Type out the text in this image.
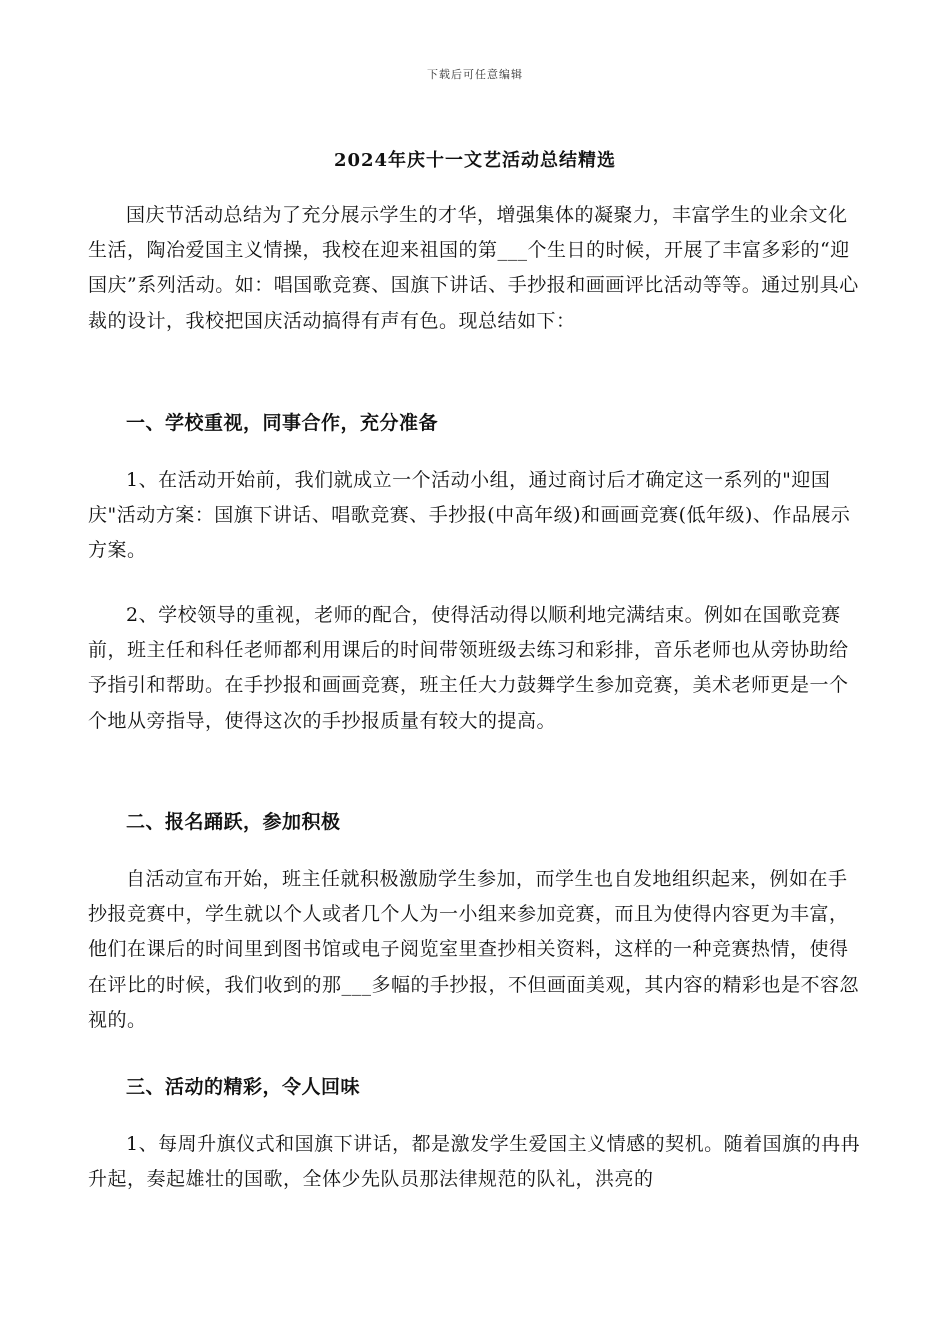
下载后可任意编辑
2024年庆十一文艺活动总结精选

国庆节活动总结为了充分展示学生的才华，增强集体的凝聚力，丰富学生的业余文化生活，陶冶爱国主义情操，我校在迎来祖国的第___个生日的时候，开展了丰富多彩的“迎国庆”系列活动。如：唱国歌竞赛、国旗下讲话、手抄报和画画评比活动等等。通过别具心裁的设计，我校把国庆活动搞得有声有色。现总结如下：

一、学校重视，同事合作，充分准备

1、在活动开始前，我们就成立一个活动小组，通过商讨后才确定这一系列的"迎国庆"活动方案：国旗下讲话、唱歌竞赛、手抄报(中高年级)和画画竞赛(低年级)、作品展示方案。

2、学校领导的重视，老师的配合，使得活动得以顺利地完满结束。例如在国歌竞赛前，班主任和科任老师都利用课后的时间带领班级去练习和彩排，音乐老师也从旁协助给予指引和帮助。在手抄报和画画竞赛，班主任大力鼓舞学生参加竞赛，美术老师更是一个个地从旁指导，使得这次的手抄报质量有较大的提高。

二、报名踊跃，参加积极

自活动宣布开始，班主任就积极激励学生参加，而学生也自发地组织起来，例如在手抄报竞赛中，学生就以个人或者几个人为一小组来参加竞赛，而且为使得内容更为丰富，他们在课后的时间里到图书馆或电子阅览室里查抄相关资料，这样的一种竞赛热情，使得在评比的时候，我们收到的那___多幅的手抄报，不但画面美观，其内容的精彩也是不容忽视的。

三、活动的精彩，令人回味

1、每周升旗仪式和国旗下讲话，都是激发学生爱国主义情感的契机。随着国旗的冉冉升起，奏起雄壮的国歌，全体少先队员那法律规范的队礼，洪亮的
